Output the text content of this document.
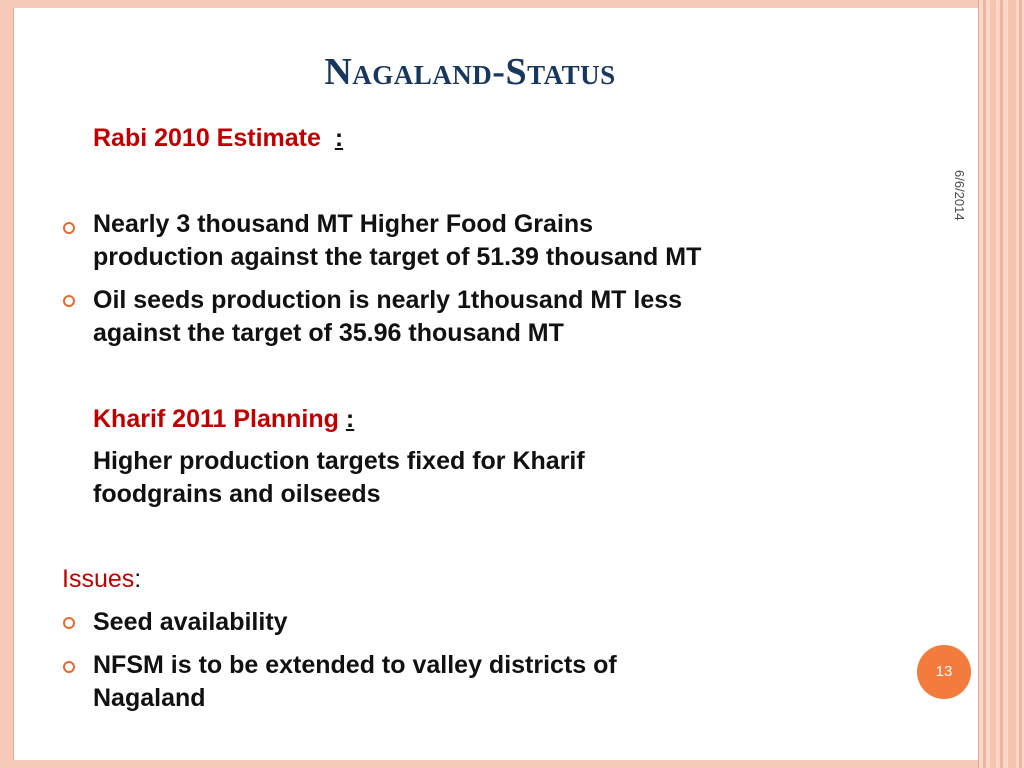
Nagaland-Status
6/6/2014

Rabi 2010 Estimate :

Nearly 3 thousand MT Higher Food Grains

production against the target of 51.39 thousand MT

Oil seeds production is nearly 1thousand MT less

against the target of 35.96 thousand MT

Kharif 2011 Planning :

Higher production targets fixed for Kharif

foodgrains and oilseeds

Issues:

Seed availability

NFSM is to be extended to valley districts of

Nagaland

13
